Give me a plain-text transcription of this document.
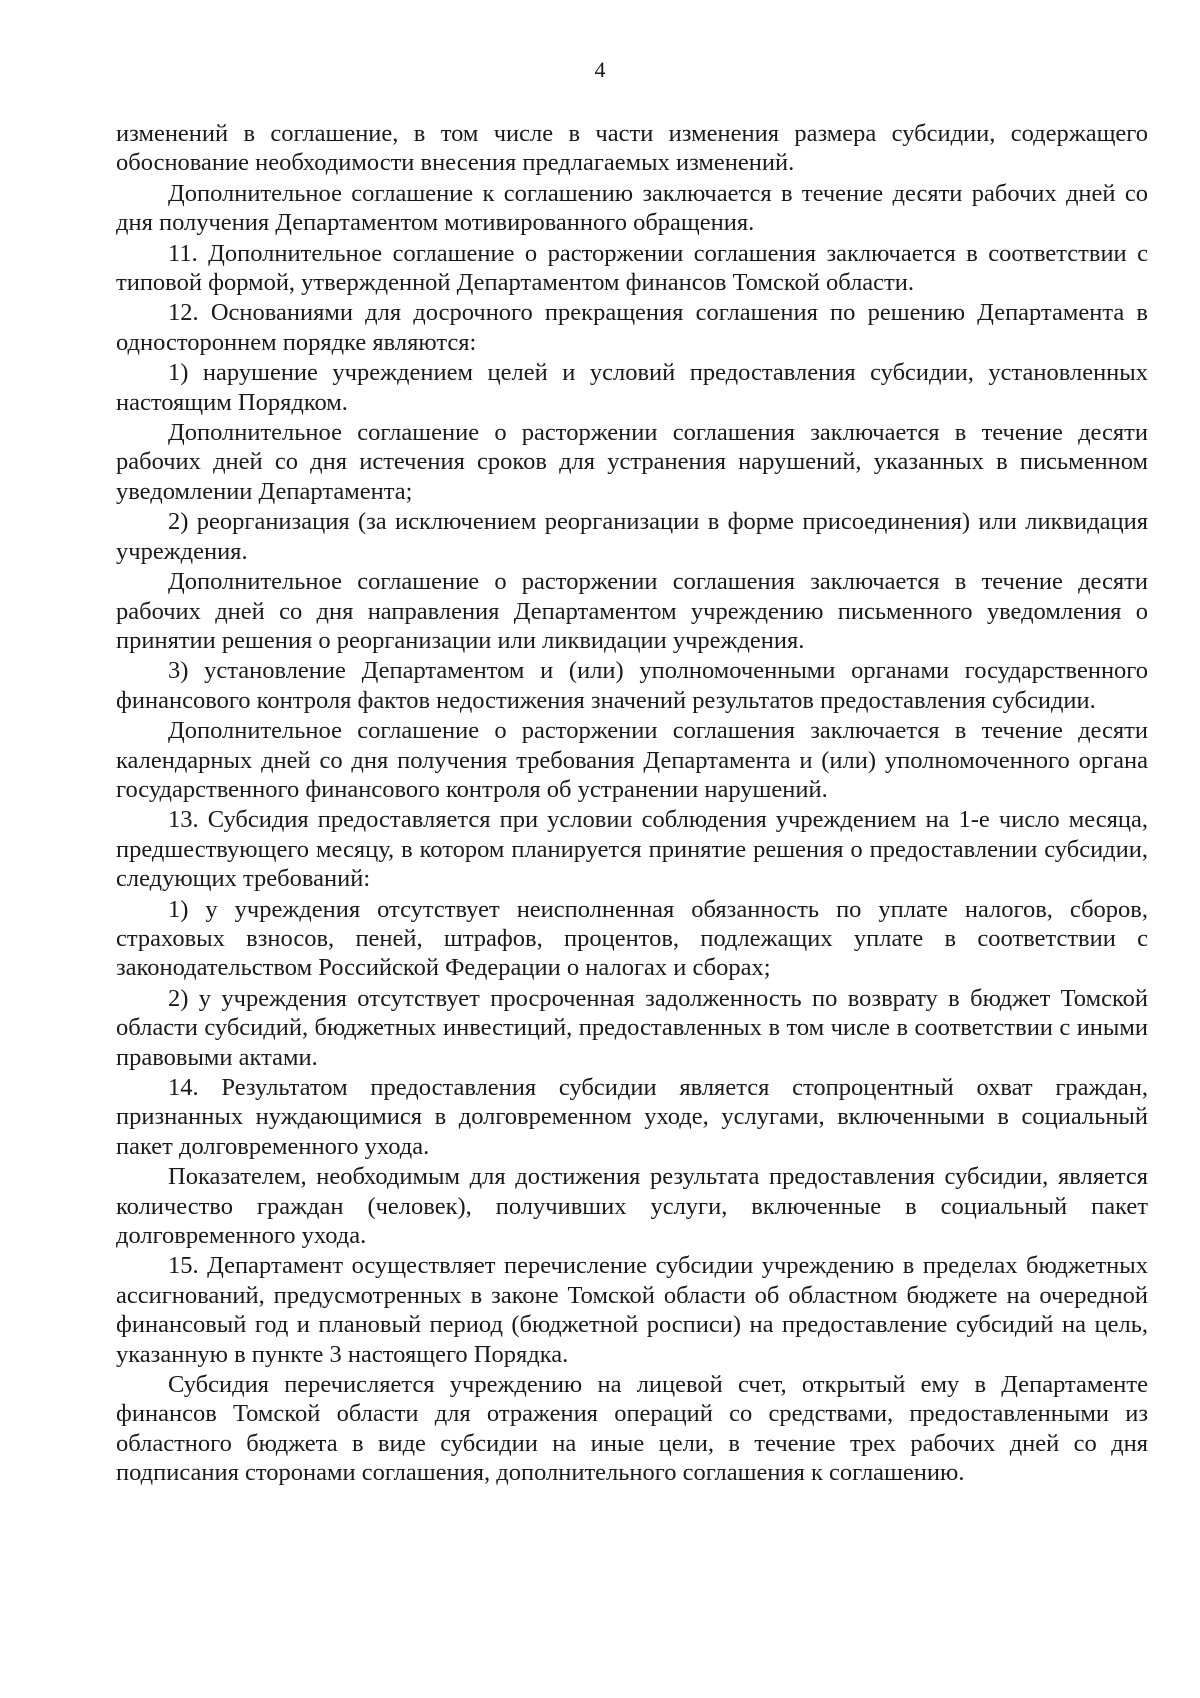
4

изменений в соглашение, в том числе в части изменения размера субсидии, содержащего обоснование необходимости внесения предлагаемых изменений.

Дополнительное соглашение к соглашению заключается в течение десяти рабочих дней со дня получения Департаментом мотивированного обращения.

11. Дополнительное соглашение о расторжении соглашения заключается в соответствии с типовой формой, утвержденной Департаментом финансов Томской области.

12. Основаниями для досрочного прекращения соглашения по решению Департамента в одностороннем порядке являются:

1) нарушение учреждением целей и условий предоставления субсидии, установленных настоящим Порядком.

Дополнительное соглашение о расторжении соглашения заключается в течение десяти рабочих дней со дня истечения сроков для устранения нарушений, указанных в письменном уведомлении Департамента;

2) реорганизация (за исключением реорганизации в форме присоединения) или ликвидация учреждения.

Дополнительное соглашение о расторжении соглашения заключается в течение десяти рабочих дней со дня направления Департаментом учреждению письменного уведомления о принятии решения о реорганизации или ликвидации учреждения.

3) установление Департаментом и (или) уполномоченными органами государственного финансового контроля фактов недостижения значений результатов предоставления субсидии.

Дополнительное соглашение о расторжении соглашения заключается в течение десяти календарных дней со дня получения требования Департамента и (или) уполномоченного органа государственного финансового контроля об устранении нарушений.

13. Субсидия предоставляется при условии соблюдения учреждением на 1-е число месяца, предшествующего месяцу, в котором планируется принятие решения о предоставлении субсидии, следующих требований:

1) у учреждения отсутствует неисполненная обязанность по уплате налогов, сборов, страховых взносов, пеней, штрафов, процентов, подлежащих уплате в соответствии с законодательством Российской Федерации о налогах и сборах;

2) у учреждения отсутствует просроченная задолженность по возврату в бюджет Томской области субсидий, бюджетных инвестиций, предоставленных в том числе в соответствии с иными правовыми актами.

14. Результатом предоставления субсидии является стопроцентный охват граждан, признанных нуждающимися в долговременном уходе, услугами, включенными в социальный пакет долговременного ухода.

Показателем, необходимым для достижения результата предоставления субсидии, является количество граждан (человек), получивших услуги, включенные в социальный пакет долговременного ухода.

15. Департамент осуществляет перечисление субсидии учреждению в пределах бюджетных ассигнований, предусмотренных в законе Томской области об областном бюджете на очередной финансовый год и плановый период (бюджетной росписи) на предоставление субсидий на цель, указанную в пункте 3 настоящего Порядка.

Субсидия перечисляется учреждению на лицевой счет, открытый ему в Департаменте финансов Томской области для отражения операций со средствами, предоставленными из областного бюджета в виде субсидии на иные цели, в течение трех рабочих дней со дня подписания сторонами соглашения, дополнительного соглашения к соглашению.
